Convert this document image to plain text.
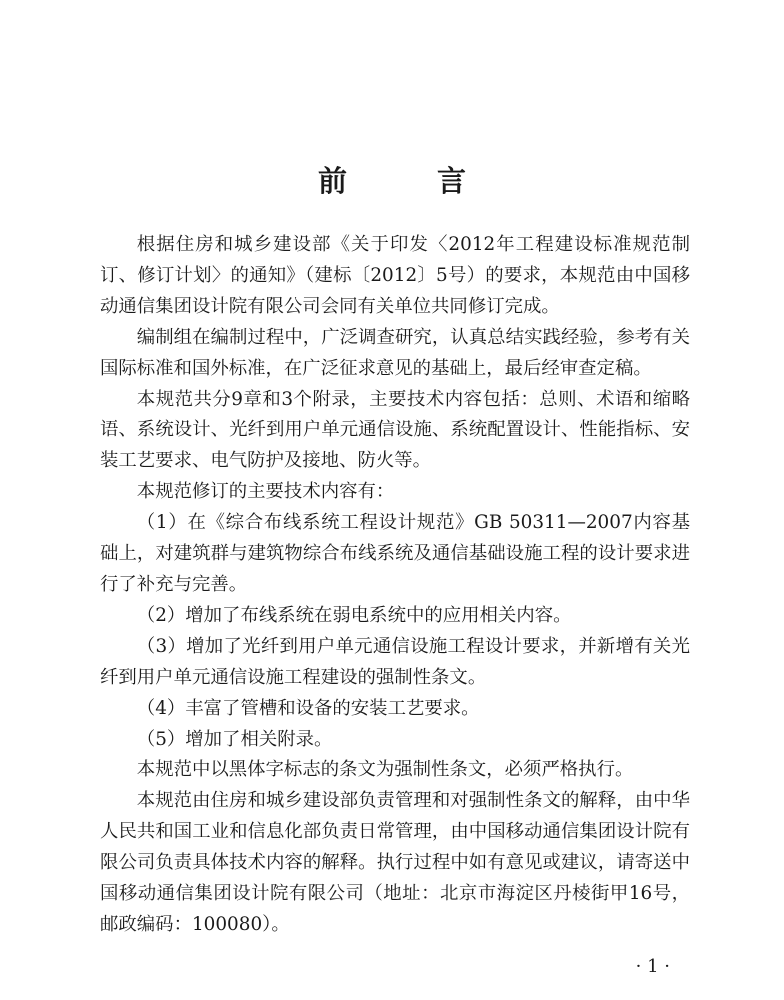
前 言

根据住房和城乡建设部《关于印发〈2012年工程建设标准规范制订、修订计划〉的通知》（建标〔2012〕5号）的要求，本规范由中国移动通信集团设计院有限公司会同有关单位共同修订完成。

编制组在编制过程中，广泛调查研究，认真总结实践经验，参考有关国际标准和国外标准，在广泛征求意见的基础上，最后经审查定稿。

本规范共分9章和3个附录，主要技术内容包括：总则、术语和缩略语、系统设计、光纤到用户单元通信设施、系统配置设计、性能指标、安装工艺要求、电气防护及接地、防火等。

本规范修订的主要技术内容有：

（1）在《综合布线系统工程设计规范》GB 50311—2007内容基础上，对建筑群与建筑物综合布线系统及通信基础设施工程的设计要求进行了补充与完善。

（2）增加了布线系统在弱电系统中的应用相关内容。

（3）增加了光纤到用户单元通信设施工程设计要求，并新增有关光纤到用户单元通信设施工程建设的强制性条文。

（4）丰富了管槽和设备的安装工艺要求。

（5）增加了相关附录。

本规范中以黑体字标志的条文为强制性条文，必须严格执行。

本规范由住房和城乡建设部负责管理和对强制性条文的解释，由中华人民共和国工业和信息化部负责日常管理，由中国移动通信集团设计院有限公司负责具体技术内容的解释。执行过程中如有意见或建议，请寄送中国移动通信集团设计院有限公司（地址：北京市海淀区丹棱街甲16号，邮政编码：100080）。

· 1 ·
